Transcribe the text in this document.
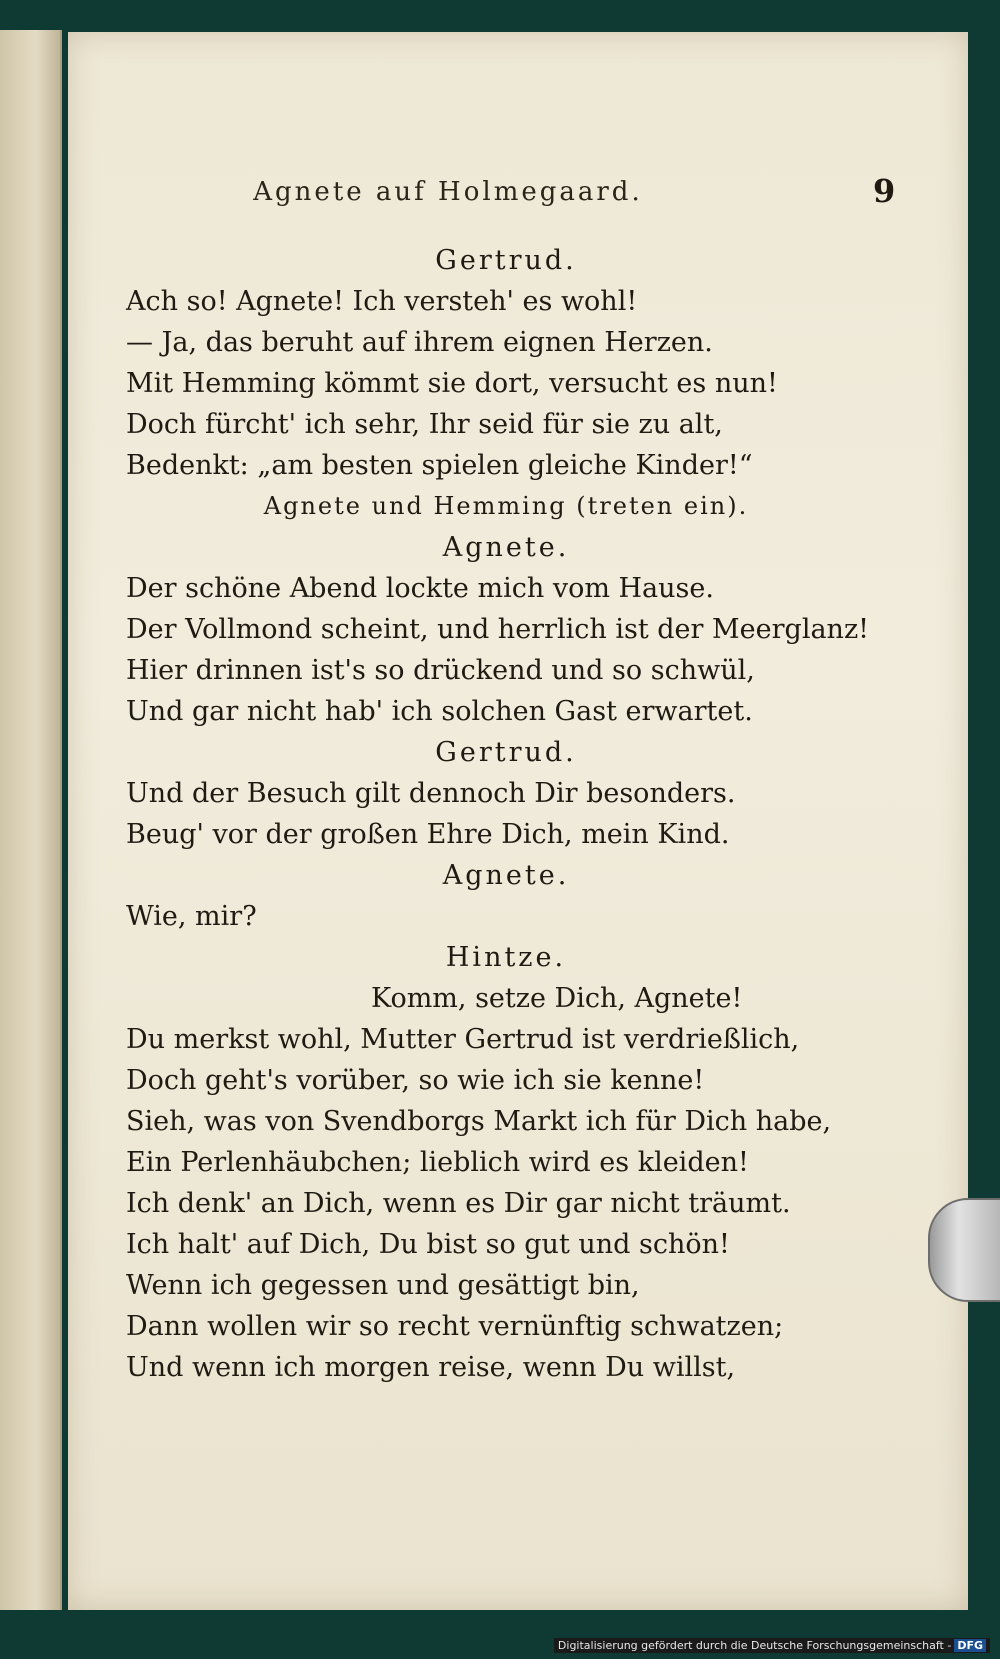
Agnete auf Holmegaard.	9
Gertrud.
Ach so! Agnete! Ich versteh' es wohl!
— Ja, das beruht auf ihrem eignen Herzen.
Mit Hemming kömmt sie dort, versucht es nun!
Doch fürcht' ich sehr, Ihr seid für sie zu alt,
Bedenkt: „am besten spielen gleiche Kinder!“
Agnete und Hemming (treten ein).
Agnete.
Der schöne Abend lockte mich vom Hause.
Der Vollmond scheint, und herrlich ist der Meerglanz!
Hier drinnen ist's so drückend und so schwül,
Und gar nicht hab' ich solchen Gast erwartet.
Gertrud.
Und der Besuch gilt dennoch Dir besonders.
Beug' vor der großen Ehre Dich, mein Kind.
Agnete.
Wie, mir?
Hintze.
Komm, setze Dich, Agnete!
Du merkst wohl, Mutter Gertrud ist verdrießlich,
Doch geht's vorüber, so wie ich sie kenne!
Sieh, was von Svendborgs Markt ich für Dich habe,
Ein Perlenhäubchen; lieblich wird es kleiden!
Ich denk' an Dich, wenn es Dir gar nicht träumt.
Ich halt' auf Dich, Du bist so gut und schön!
Wenn ich gegessen und gesättigt bin,
Dann wollen wir so recht vernünftig schwatzen;
Und wenn ich morgen reise, wenn Du willst,
Digitalisierung gefördert durch die Deutsche Forschungsgemeinschaft - DFG
